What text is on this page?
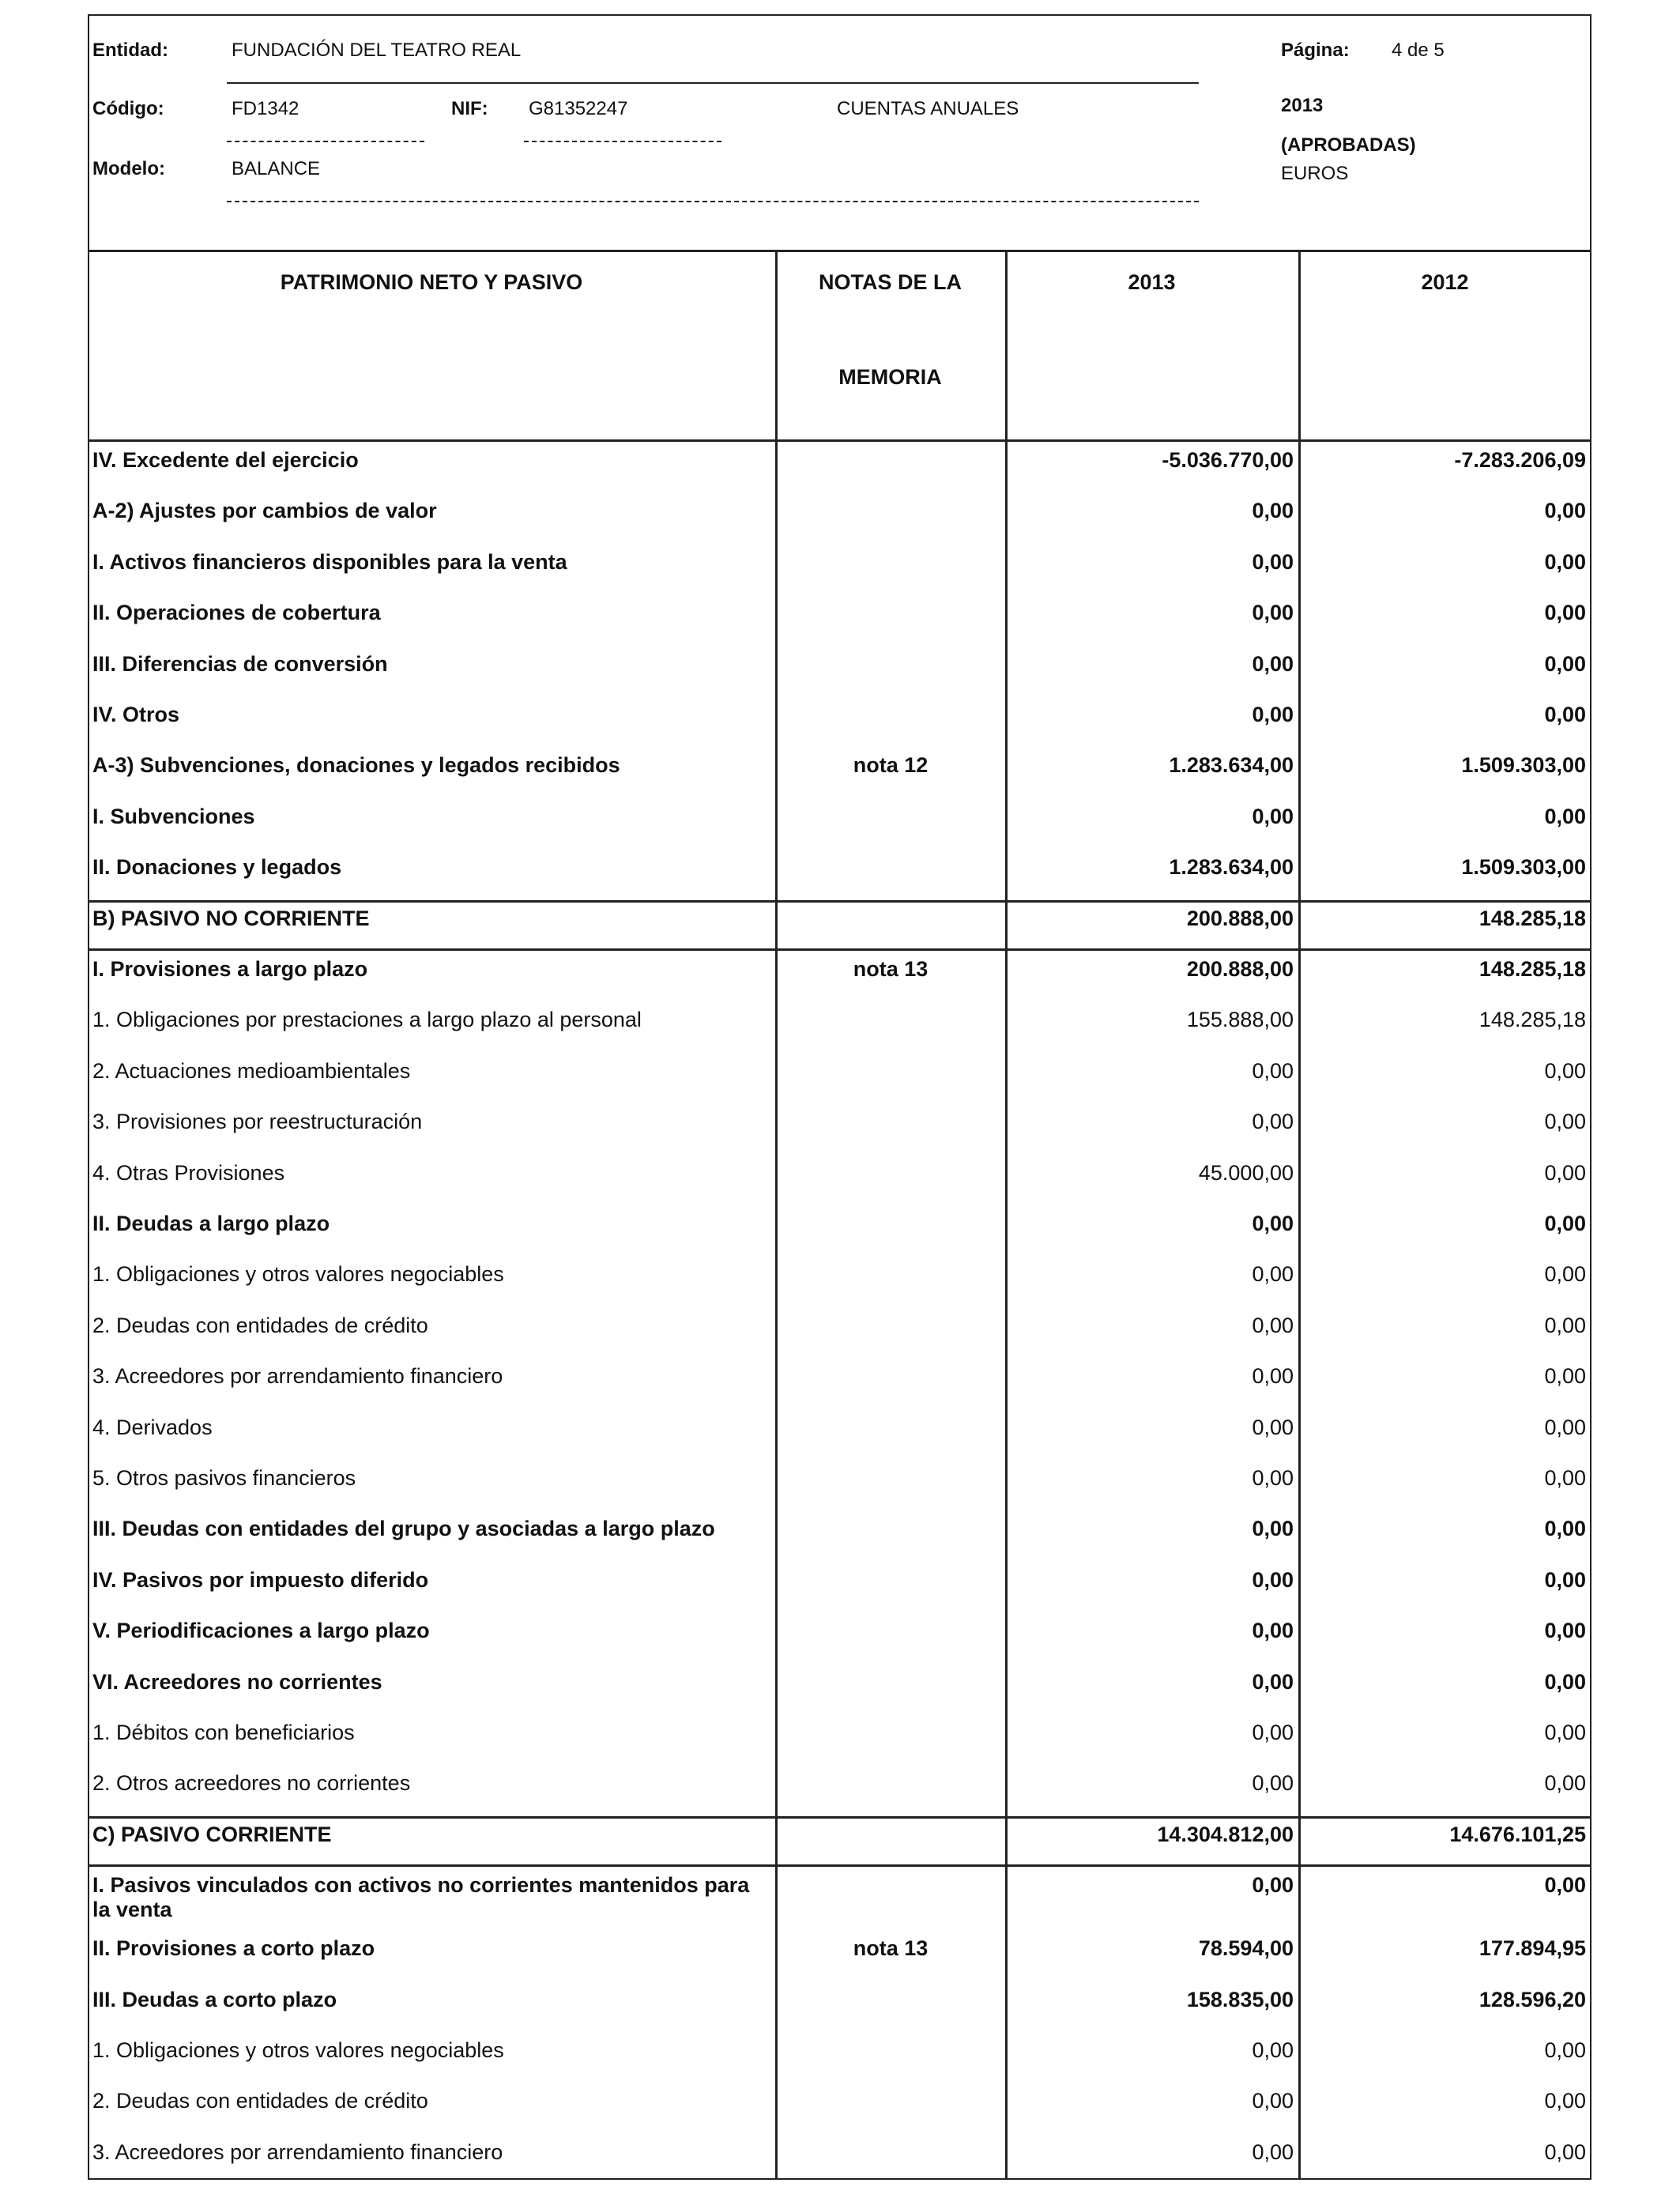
Entidad:	FUNDACIÓN DEL TEATRO REAL	Página: 4 de 5
Código:	FD1342	NIF: G81352247	CUENTAS ANUALES	2013
(APROBADAS)
Modelo:	BALANCE	EUROS
PATRIMONIO NETO Y PASIVO	NOTAS DE LA
MEMORIA
2013	2012
IV. Excedente del ejercicio	-5.036.770,00	-7.283.206,09
A-2) Ajustes por cambios de valor	0,00	0,00
I. Activos financieros disponibles para la venta	0,00	0,00
II. Operaciones de cobertura	0,00	0,00
III. Diferencias de conversión	0,00	0,00
IV. Otros	0,00	0,00
A-3) Subvenciones, donaciones y legados recibidos	nota 12	1.283.634,00	1.509.303,00
I. Subvenciones	0,00	0,00
II. Donaciones y legados	1.283.634,00	1.509.303,00
B) PASIVO NO CORRIENTE	200.888,00	148.285,18
I. Provisiones a largo plazo	nota 13	200.888,00	148.285,18
1. Obligaciones por prestaciones a largo plazo al personal	155.888,00	148.285,18
2. Actuaciones medioambientales	0,00	0,00
3. Provisiones por reestructuración	0,00	0,00
4. Otras Provisiones	45.000,00	0,00
II. Deudas a largo plazo	0,00	0,00
1. Obligaciones y otros valores negociables	0,00	0,00
2. Deudas con entidades de crédito	0,00	0,00
3. Acreedores por arrendamiento financiero	0,00	0,00
4. Derivados	0,00	0,00
5. Otros pasivos financieros	0,00	0,00
III. Deudas con entidades del grupo y asociadas a largo plazo	0,00	0,00
IV. Pasivos por impuesto diferido	0,00	0,00
V. Periodificaciones a largo plazo	0,00	0,00
VI. Acreedores no corrientes	0,00	0,00
1. Débitos con beneficiarios	0,00	0,00
2. Otros acreedores no corrientes	0,00	0,00
C) PASIVO CORRIENTE	14.304.812,00	14.676.101,25
I. Pasivos vinculados con activos no corrientes mantenidos para la venta
0,00	0,00
II. Provisiones a corto plazo	nota 13	78.594,00	177.894,95
III. Deudas a corto plazo	158.835,00	128.596,20
1. Obligaciones y otros valores negociables	0,00	0,00
2. Deudas con entidades de crédito	0,00	0,00
3. Acreedores por arrendamiento financiero	0,00	0,00
